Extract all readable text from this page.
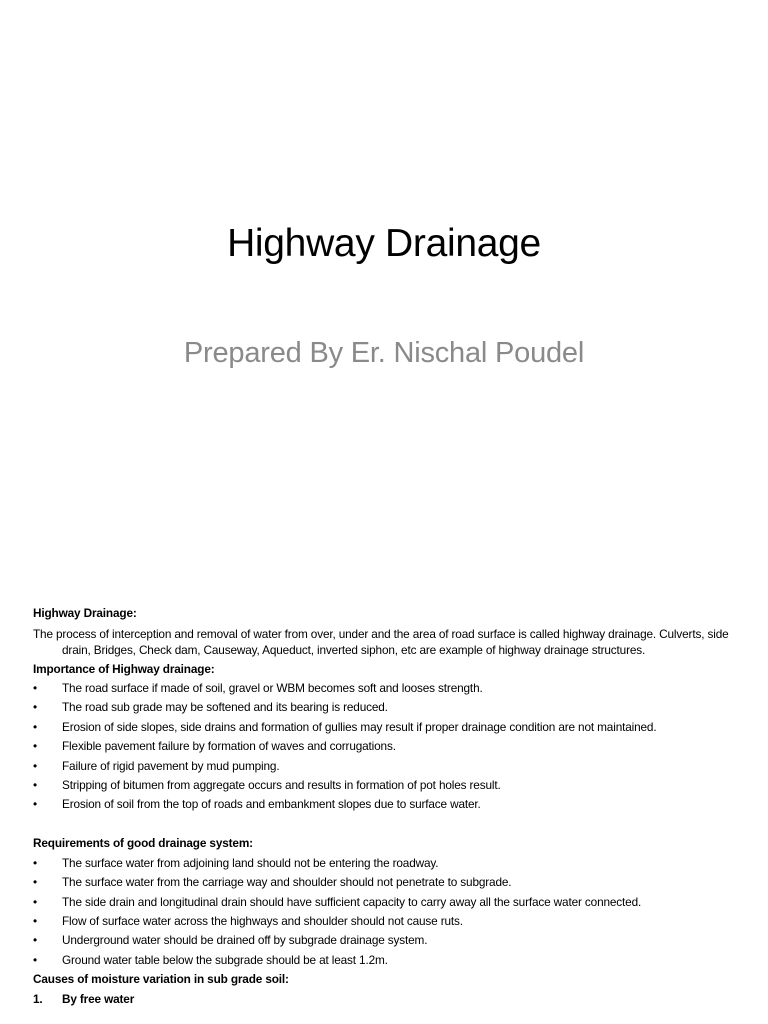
Highway Drainage
Prepared By Er. Nischal Poudel
Highway Drainage:
The process of interception and removal of water from over, under and the area of road surface is called highway drainage. Culverts, side drain, Bridges, Check dam, Causeway, Aqueduct, inverted siphon, etc are example of highway drainage structures.
Importance of Highway drainage:
•	The road surface if made of soil, gravel or WBM becomes soft and looses strength.
•	The road sub grade may be softened and its bearing is reduced.
•	Erosion of side slopes, side drains and formation of gullies may result if proper drainage condition are not maintained.
•	Flexible pavement failure by formation of waves and corrugations.
•	Failure of rigid pavement by mud pumping.
•	Stripping of bitumen from aggregate occurs and results in formation of pot holes result.
•	Erosion of soil from the top of roads and embankment slopes due to surface water.
Requirements of good drainage system:
•	The surface water from adjoining land should not be entering the roadway.
•	The surface water from the carriage way and shoulder should not penetrate to subgrade.
•	The side drain and longitudinal drain should have sufficient capacity to carry away all the surface water connected.
•	Flow of surface water across the highways and shoulder should not cause ruts.
•	Underground water should be drained off by subgrade drainage system.
•	Ground water table below the subgrade should be at least 1.2m.
Causes of moisture variation in sub grade soil:
1. By free water
